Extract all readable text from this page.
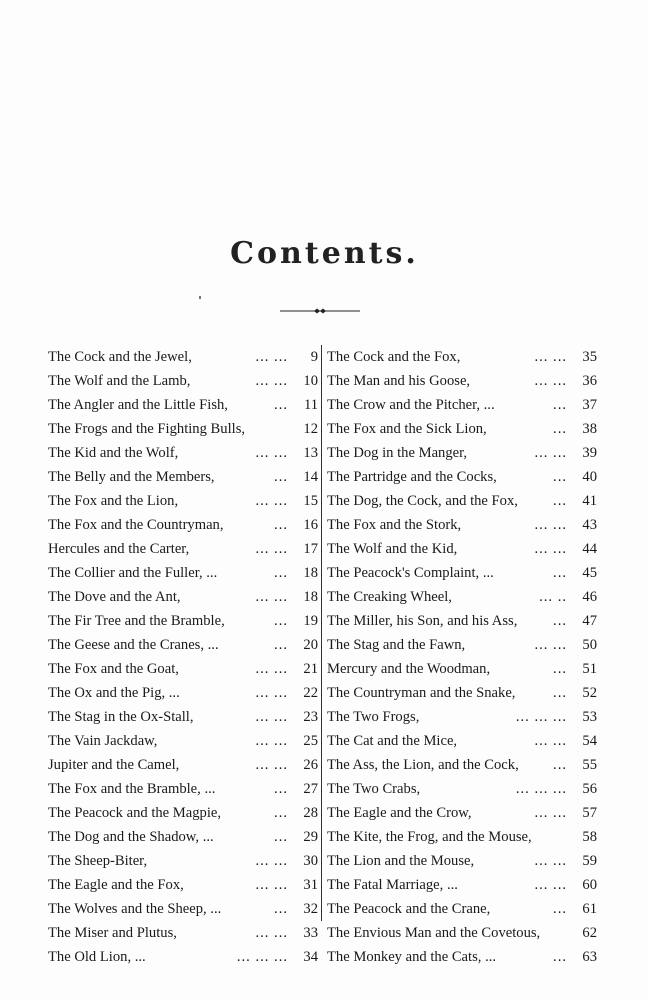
Contents.
The Cock and the Jewel,	... ...	9
The Wolf and the Lamb,	... ...	10
The Angler and the Little Fish,	...	11
The Frogs and the Fighting Bulls,	12
The Kid and the Wolf,	... ...	13
The Belly and the Members,	...	14
The Fox and the Lion,	... ...	15
The Fox and the Countryman,	...	16
Hercules and the Carter,	... ...	17
The Collier and the Fuller, ...	...	18
The Dove and the Ant,	... ...	18
The Fir Tree and the Bramble,	...	19
The Geese and the Cranes, ...	...	20
The Fox and the Goat,	... ...	21
The Ox and the Pig, ...	... ...	22
The Stag in the Ox-Stall,	... ...	23
The Vain Jackdaw,	... ...	25
Jupiter and the Camel,	... ...	26
The Fox and the Bramble, ...	...	27
The Peacock and the Magpie,	...	28
The Dog and the Shadow, ...	...	29
The Sheep-Biter,	... ...	30
The Eagle and the Fox,	... ...	31
The Wolves and the Sheep, ...	...	32
The Miser and Plutus,	... ...	33
The Old Lion, ...	... ... ...	34
The Cock and the Fox,	... ...	35
The Man and his Goose,	... ...	36
The Crow and the Pitcher, ...	...	37
The Fox and the Sick Lion,	...	38
The Dog in the Manger,	... ...	39
The Partridge and the Cocks,	...	40
The Dog, the Cock, and the Fox,	...	41
The Fox and the Stork,	... ...	43
The Wolf and the Kid,	... ...	44
The Peacock's Complaint, ...	...	45
The Creaking Wheel,	... ..	46
The Miller, his Son, and his Ass,	...	47
The Stag and the Fawn,	... ...	50
Mercury and the Woodman,	...	51
The Countryman and the Snake,	...	52
The Two Frogs,	... ... ...	53
The Cat and the Mice,	... ...	54
The Ass, the Lion, and the Cock,	...	55
The Two Crabs,	... ... ...	56
The Eagle and the Crow,	... ...	57
The Kite, the Frog, and the Mouse,	58
The Lion and the Mouse,	... ...	59
The Fatal Marriage, ...	... ...	60
The Peacock and the Crane,	...	61
The Envious Man and the Covetous,	62
The Monkey and the Cats, ...	...	63
